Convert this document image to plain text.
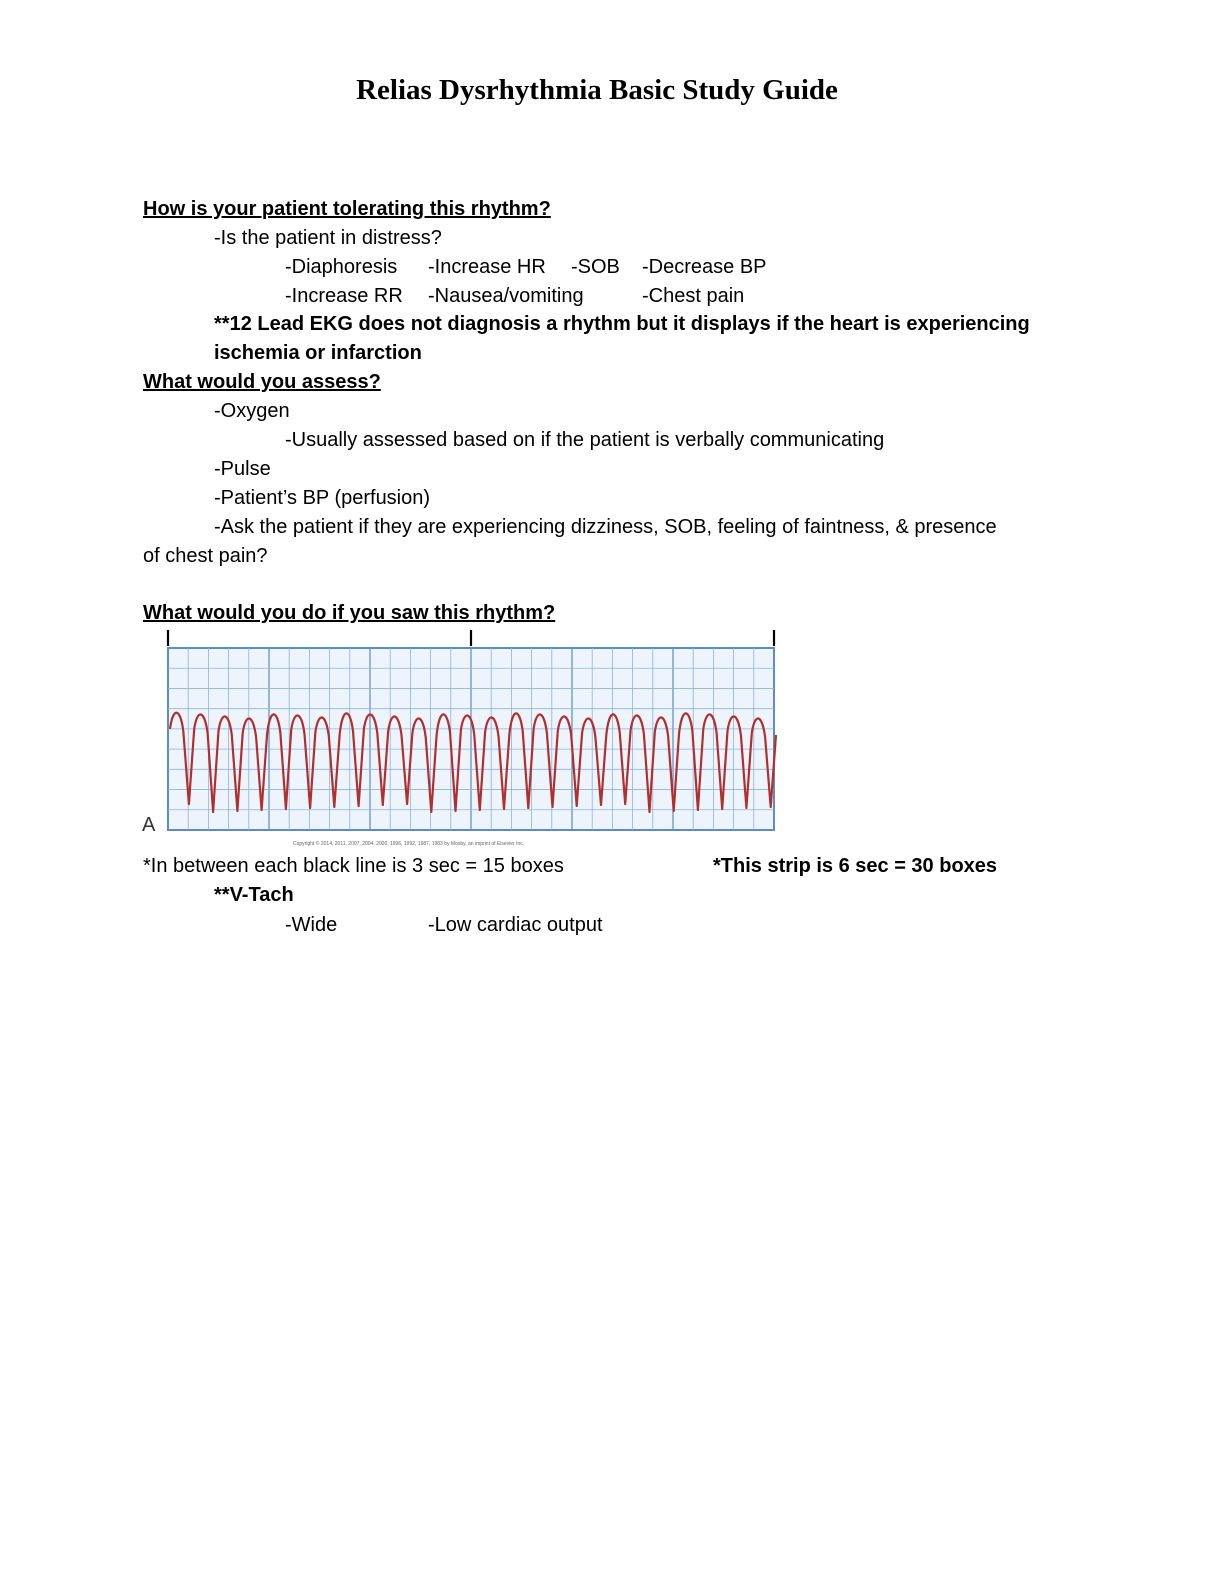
Relias Dysrhythmia Basic Study Guide
How is your patient tolerating this rhythm?
-Is the patient in distress?
-Diaphoresis -Increase HR -SOB -Decrease BP
-Increase RR -Nausea/vomiting	-Chest pain
**12 Lead EKG does not diagnosis a rhythm but it displays if the heart is experiencing
ischemia or infarction
What would you assess?
-Oxygen
-Usually assessed based on if the patient is verbally communicating
-Pulse
-Patient’s BP (perfusion)
-Ask the patient if they are experiencing dizziness, SOB, feeling of faintness, & presence
of chest pain?
What would you do if you saw this rhythm?
A
Copyright © 2014, 2011, 2007, 2004, 2000, 1996, 1992, 1987, 1983 by Mosby, an imprint of Elsevier Inc.
*In between each black line is 3 sec = 15 boxes	*This strip is 6 sec = 30 boxes
**V-Tach
-Wide	-Low cardiac output
